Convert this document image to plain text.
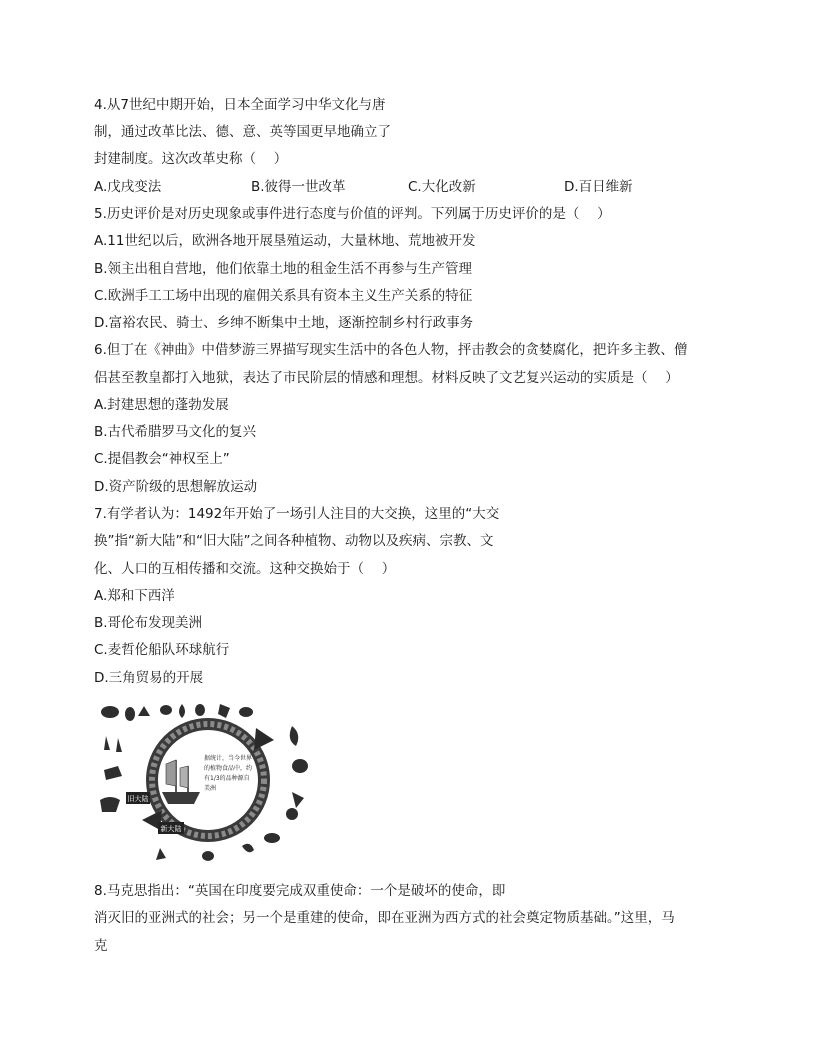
4.从7世纪中期开始，日本全面学习中华文化与唐
制，通过改革比法、德、意、英等国更早地确立了
封建制度。这次改革史称（　 ）
A.戊戌变法	B.彼得一世改革	C.大化改新	D.百日维新
5.历史评价是对历史现象或事件进行态度与价值的评判。下列属于历史评价的是（　 ）
A.11世纪以后，欧洲各地开展垦殖运动，大量林地、荒地被开发
B.领主出租自营地，他们依靠土地的租金生活不再参与生产管理
C.欧洲手工工场中出现的雇佣关系具有资本主义生产关系的特征
D.富裕农民、骑士、乡绅不断集中土地，逐渐控制乡村行政事务
6.但丁在《神曲》中借梦游三界描写现实生活中的各色人物，抨击教会的贪婪腐化，把许多主教、僧
侣甚至教皇都打入地狱，表达了市民阶层的情感和理想。材料反映了文艺复兴运动的实质是（　 ）
A.封建思想的蓬勃发展
B.古代希腊罗马文化的复兴
C.提倡教会“神权至上”
D.资产阶级的思想解放运动
7.有学者认为：1492年开始了一场引人注目的大交换，这里的“大交
换”指“新大陆”和“旧大陆”之间各种植物、动物以及疾病、宗教、文
化、人口的互相传播和交流。这种交换始于（　 ）
A.郑和下西洋
B.哥伦布发现美洲
C.麦哲伦船队环球航行
D.三角贸易的开展
旧大陆
新大陆
据统计，当今世界
的植物食品中，约
有1/3的品种源自
美洲
8.马克思指出：“英国在印度要完成双重使命：一个是破坏的使命，即
消灭旧的亚洲式的社会；另一个是重建的使命，即在亚洲为西方式的社会奠定物质基础。”这里，马
克
